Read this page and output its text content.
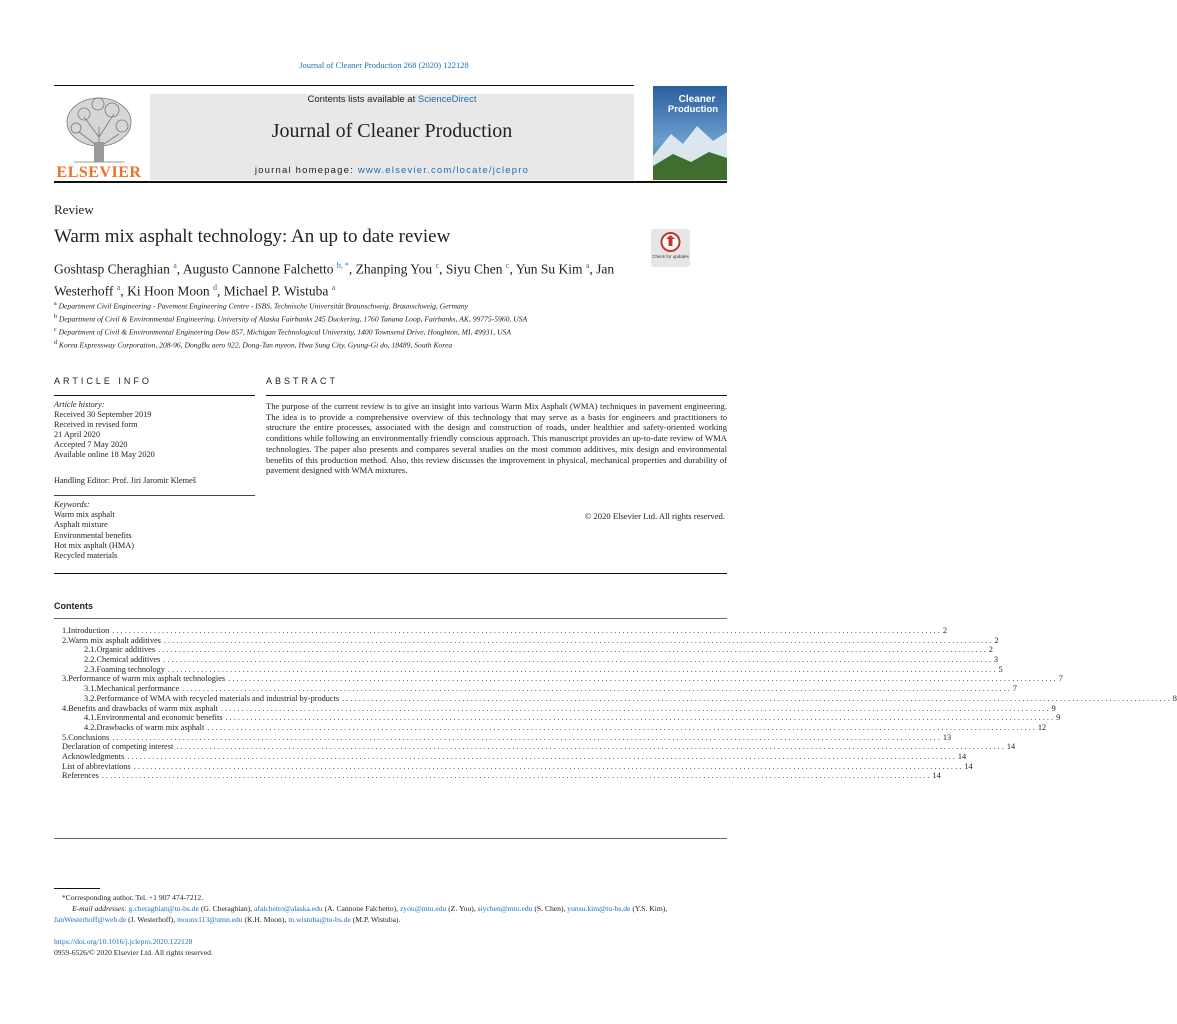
Journal of Cleaner Production 268 (2020) 122128
ELSEVIER
Contents lists available at ScienceDirect
Journal of Cleaner Production
journal homepage: www.elsevier.com/locate/jclepro
Cleaner
Production
Review
Warm mix asphalt technology: An up to date review
Check for updates
Goshtasp Cheraghian $^a$, Augusto Cannone Falchetto $^{b, *}$, Zhanping You $^c$, Siyu Chen $^c$, Yun Su Kim $^a$, Jan Westerhoff $^a$, Ki Hoon Moon $^d$, Michael P. Wistuba $^a$
$^a$ Department Civil Engineering - Pavement Engineering Centre - ISBS, Technische Universität Braunschweig, Braunschweig, Germany
$^b$ Department of Civil & Environmental Engineering, University of Alaska Fairbanks 245 Duckering, 1760 Tanana Loop, Fairbanks, AK, 99775-5960, USA
$^c$ Department of Civil & Environmental Engineering Dow 857, Michigan Technological University, 1400 Townsend Drive, Houghton, MI, 49931, USA
$^d$ Korea Expressway Corporation, 208-96, DongBu aero 922, Dong-Tan myeon, Hwa Sung City, Gyung-Gi do, 18489, South Korea
ARTICLE INFO	ABSTRACT
Article history:
Received 30 September 2019
Received in revised form
21 April 2020
Accepted 7 May 2020
Available online 18 May 2020
Handling Editor: Prof. Jiri Jaromir Klemeš
Keywords:
Warm mix asphalt
Asphalt mixture
Environmental benefits
Hot mix asphalt (HMA)
Recycled materials
The purpose of the current review is to give an insight into various Warm Mix Asphalt (WMA) techniques in pavement engineering. The idea is to provide a comprehensive overview of this technology that may serve as a basis for engineers and practitioners to structure the entire processes, associated with the design and construction of roads, under healthier and safety-oriented working conditions while following an environmentally friendly conscious approach. This manuscript provides an up-to-date review of WMA technologies. The paper also presents and compares several studies on the most common additives, mix design and environmental benefits of this production method. Also, this review discusses the improvement in physical, mechanical properties and durability of pavement designed with WMA mixtures.
© 2020 Elsevier Ltd. All rights reserved.
Contents
1. Introduction . . . . . . . . . . . . . . . . . . . . . . . . . . . . . . . . . . . . . . . . . . . . . . . . . . . . . . . . . . . . . . . . . . . . . . . . . . . . . . . . . . . . . . . . . . . . . . . . . . . . . . . . . . . . . . . . . . . . . . . . . . . . . . . . . . . . . . . . . . . . . . . . . . . . . . . . . . . . . . . . . . . . . . . . . . . . . . . . . . . . . . . . . . . . . . . . . . . . . . . . 2
2. Warm mix asphalt additives . . . . . . . . . . . . . . . . . . . . . . . . . . . . . . . . . . . . . . . . . . . . . . . . . . . . . . . . . . . . . . . . . . . . . . . . . . . . . . . . . . . . . . . . . . . . . . . . . . . . . . . . . . . . . . . . . . . . . . . . . . . . . . . . . . . . . . . . . . . . . . . . . . . . . . . . . . . . . . . . . . . . . . . . . . . . . . . . . . . . . . . . . . . . . . . . . . . . . . . . 2
2.1. Organic additives . . . . . . . . . . . . . . . . . . . . . . . . . . . . . . . . . . . . . . . . . . . . . . . . . . . . . . . . . . . . . . . . . . . . . . . . . . . . . . . . . . . . . . . . . . . . . . . . . . . . . . . . . . . . . . . . . . . . . . . . . . . . . . . . . . . . . . . . . . . . . . . . . . . . . . . . . . . . . . . . . . . . . . . . . . . . . . . . . . . . . . . . . . . . . . . . . . . . . . . . 2
2.2. Chemical additives . . . . . . . . . . . . . . . . . . . . . . . . . . . . . . . . . . . . . . . . . . . . . . . . . . . . . . . . . . . . . . . . . . . . . . . . . . . . . . . . . . . . . . . . . . . . . . . . . . . . . . . . . . . . . . . . . . . . . . . . . . . . . . . . . . . . . . . . . . . . . . . . . . . . . . . . . . . . . . . . . . . . . . . . . . . . . . . . . . . . . . . . . . . . . . . . . . . . . . . . 3
2.3. Foaming technology . . . . . . . . . . . . . . . . . . . . . . . . . . . . . . . . . . . . . . . . . . . . . . . . . . . . . . . . . . . . . . . . . . . . . . . . . . . . . . . . . . . . . . . . . . . . . . . . . . . . . . . . . . . . . . . . . . . . . . . . . . . . . . . . . . . . . . . . . . . . . . . . . . . . . . . . . . . . . . . . . . . . . . . . . . . . . . . . . . . . . . . . . . . . . . . . . . . . . . . . 5
3. Performance of warm mix asphalt technologies . . . . . . . . . . . . . . . . . . . . . . . . . . . . . . . . . . . . . . . . . . . . . . . . . . . . . . . . . . . . . . . . . . . . . . . . . . . . . . . . . . . . . . . . . . . . . . . . . . . . . . . . . . . . . . . . . . . . . . . . . . . . . . . . . . . . . . . . . . . . . . . . . . . . . . . . . . . . . . . . . . . . . . . . . . . . . . . . . . . . . . . . . . . . . . . . . . . . . . . . 7
3.1. Mechanical performance . . . . . . . . . . . . . . . . . . . . . . . . . . . . . . . . . . . . . . . . . . . . . . . . . . . . . . . . . . . . . . . . . . . . . . . . . . . . . . . . . . . . . . . . . . . . . . . . . . . . . . . . . . . . . . . . . . . . . . . . . . . . . . . . . . . . . . . . . . . . . . . . . . . . . . . . . . . . . . . . . . . . . . . . . . . . . . . . . . . . . . . . . . . . . . . . . . . . . . . . 7
3.2. Performance of WMA with recycled materials and industrial by-products . . . . . . . . . . . . . . . . . . . . . . . . . . . . . . . . . . . . . . . . . . . . . . . . . . . . . . . . . . . . . . . . . . . . . . . . . . . . . . . . . . . . . . . . . . . . . . . . . . . . . . . . . . . . . . . . . . . . . . . . . . . . . . . . . . . . . . . . . . . . . . . . . . . . . . . . . . . . . . . . . . . . . . . . . . . . . . . . . . . . . . . . . . . . . . . . . . . . . . . . 8
4. Benefits and drawbacks of warm mix asphalt . . . . . . . . . . . . . . . . . . . . . . . . . . . . . . . . . . . . . . . . . . . . . . . . . . . . . . . . . . . . . . . . . . . . . . . . . . . . . . . . . . . . . . . . . . . . . . . . . . . . . . . . . . . . . . . . . . . . . . . . . . . . . . . . . . . . . . . . . . . . . . . . . . . . . . . . . . . . . . . . . . . . . . . . . . . . . . . . . . . . . . . . . . . . . . . . . . . . . . . . 9
4.1. Environmental and economic benefits . . . . . . . . . . . . . . . . . . . . . . . . . . . . . . . . . . . . . . . . . . . . . . . . . . . . . . . . . . . . . . . . . . . . . . . . . . . . . . . . . . . . . . . . . . . . . . . . . . . . . . . . . . . . . . . . . . . . . . . . . . . . . . . . . . . . . . . . . . . . . . . . . . . . . . . . . . . . . . . . . . . . . . . . . . . . . . . . . . . . . . . . . . . . . . . . . . . . . . . . 9
4.2. Drawbacks of warm mix asphalt . . . . . . . . . . . . . . . . . . . . . . . . . . . . . . . . . . . . . . . . . . . . . . . . . . . . . . . . . . . . . . . . . . . . . . . . . . . . . . . . . . . . . . . . . . . . . . . . . . . . . . . . . . . . . . . . . . . . . . . . . . . . . . . . . . . . . . . . . . . . . . . . . . . . . . . . . . . . . . . . . . . . . . . . . . . . . . . . . . . . . . . . . . . . . . . . . . . . . . . . 12
5. Conclusions . . . . . . . . . . . . . . . . . . . . . . . . . . . . . . . . . . . . . . . . . . . . . . . . . . . . . . . . . . . . . . . . . . . . . . . . . . . . . . . . . . . . . . . . . . . . . . . . . . . . . . . . . . . . . . . . . . . . . . . . . . . . . . . . . . . . . . . . . . . . . . . . . . . . . . . . . . . . . . . . . . . . . . . . . . . . . . . . . . . . . . . . . . . . . . . . . . . . . . . . 13
Declaration of competing interest . . . . . . . . . . . . . . . . . . . . . . . . . . . . . . . . . . . . . . . . . . . . . . . . . . . . . . . . . . . . . . . . . . . . . . . . . . . . . . . . . . . . . . . . . . . . . . . . . . . . . . . . . . . . . . . . . . . . . . . . . . . . . . . . . . . . . . . . . . . . . . . . . . . . . . . . . . . . . . . . . . . . . . . . . . . . . . . . . . . . . . . . . . . . . . . . . . . . . . . . 14
Acknowledgments . . . . . . . . . . . . . . . . . . . . . . . . . . . . . . . . . . . . . . . . . . . . . . . . . . . . . . . . . . . . . . . . . . . . . . . . . . . . . . . . . . . . . . . . . . . . . . . . . . . . . . . . . . . . . . . . . . . . . . . . . . . . . . . . . . . . . . . . . . . . . . . . . . . . . . . . . . . . . . . . . . . . . . . . . . . . . . . . . . . . . . . . . . . . . . . . . . . . . . . . 14
List of abbreviations . . . . . . . . . . . . . . . . . . . . . . . . . . . . . . . . . . . . . . . . . . . . . . . . . . . . . . . . . . . . . . . . . . . . . . . . . . . . . . . . . . . . . . . . . . . . . . . . . . . . . . . . . . . . . . . . . . . . . . . . . . . . . . . . . . . . . . . . . . . . . . . . . . . . . . . . . . . . . . . . . . . . . . . . . . . . . . . . . . . . . . . . . . . . . . . . . . . . . . . . 14
References . . . . . . . . . . . . . . . . . . . . . . . . . . . . . . . . . . . . . . . . . . . . . . . . . . . . . . . . . . . . . . . . . . . . . . . . . . . . . . . . . . . . . . . . . . . . . . . . . . . . . . . . . . . . . . . . . . . . . . . . . . . . . . . . . . . . . . . . . . . . . . . . . . . . . . . . . . . . . . . . . . . . . . . . . . . . . . . . . . . . . . . . . . . . . . . . . . . . . . . . 14
*Corresponding author. Tel. +1 907 474-7212.
E-mail addresses: g.cheraghian@tu-bs.de (G. Cheraghian), afalchetto@alaska.edu (A. Cannone Falchetto), zyou@mtu.edu (Z. You), siychen@mtu.edu (S. Chen), yunsu.kim@tu-bs.de (Y.S. Kim), JanWesterhoff@web.de (J. Westerhoff), moonx113@umn.edu (K.H. Moon), m.wistuba@tu-bs.de (M.P. Wistuba).
https://doi.org/10.1016/j.jclepro.2020.122128
0959-6526/© 2020 Elsevier Ltd. All rights reserved.
